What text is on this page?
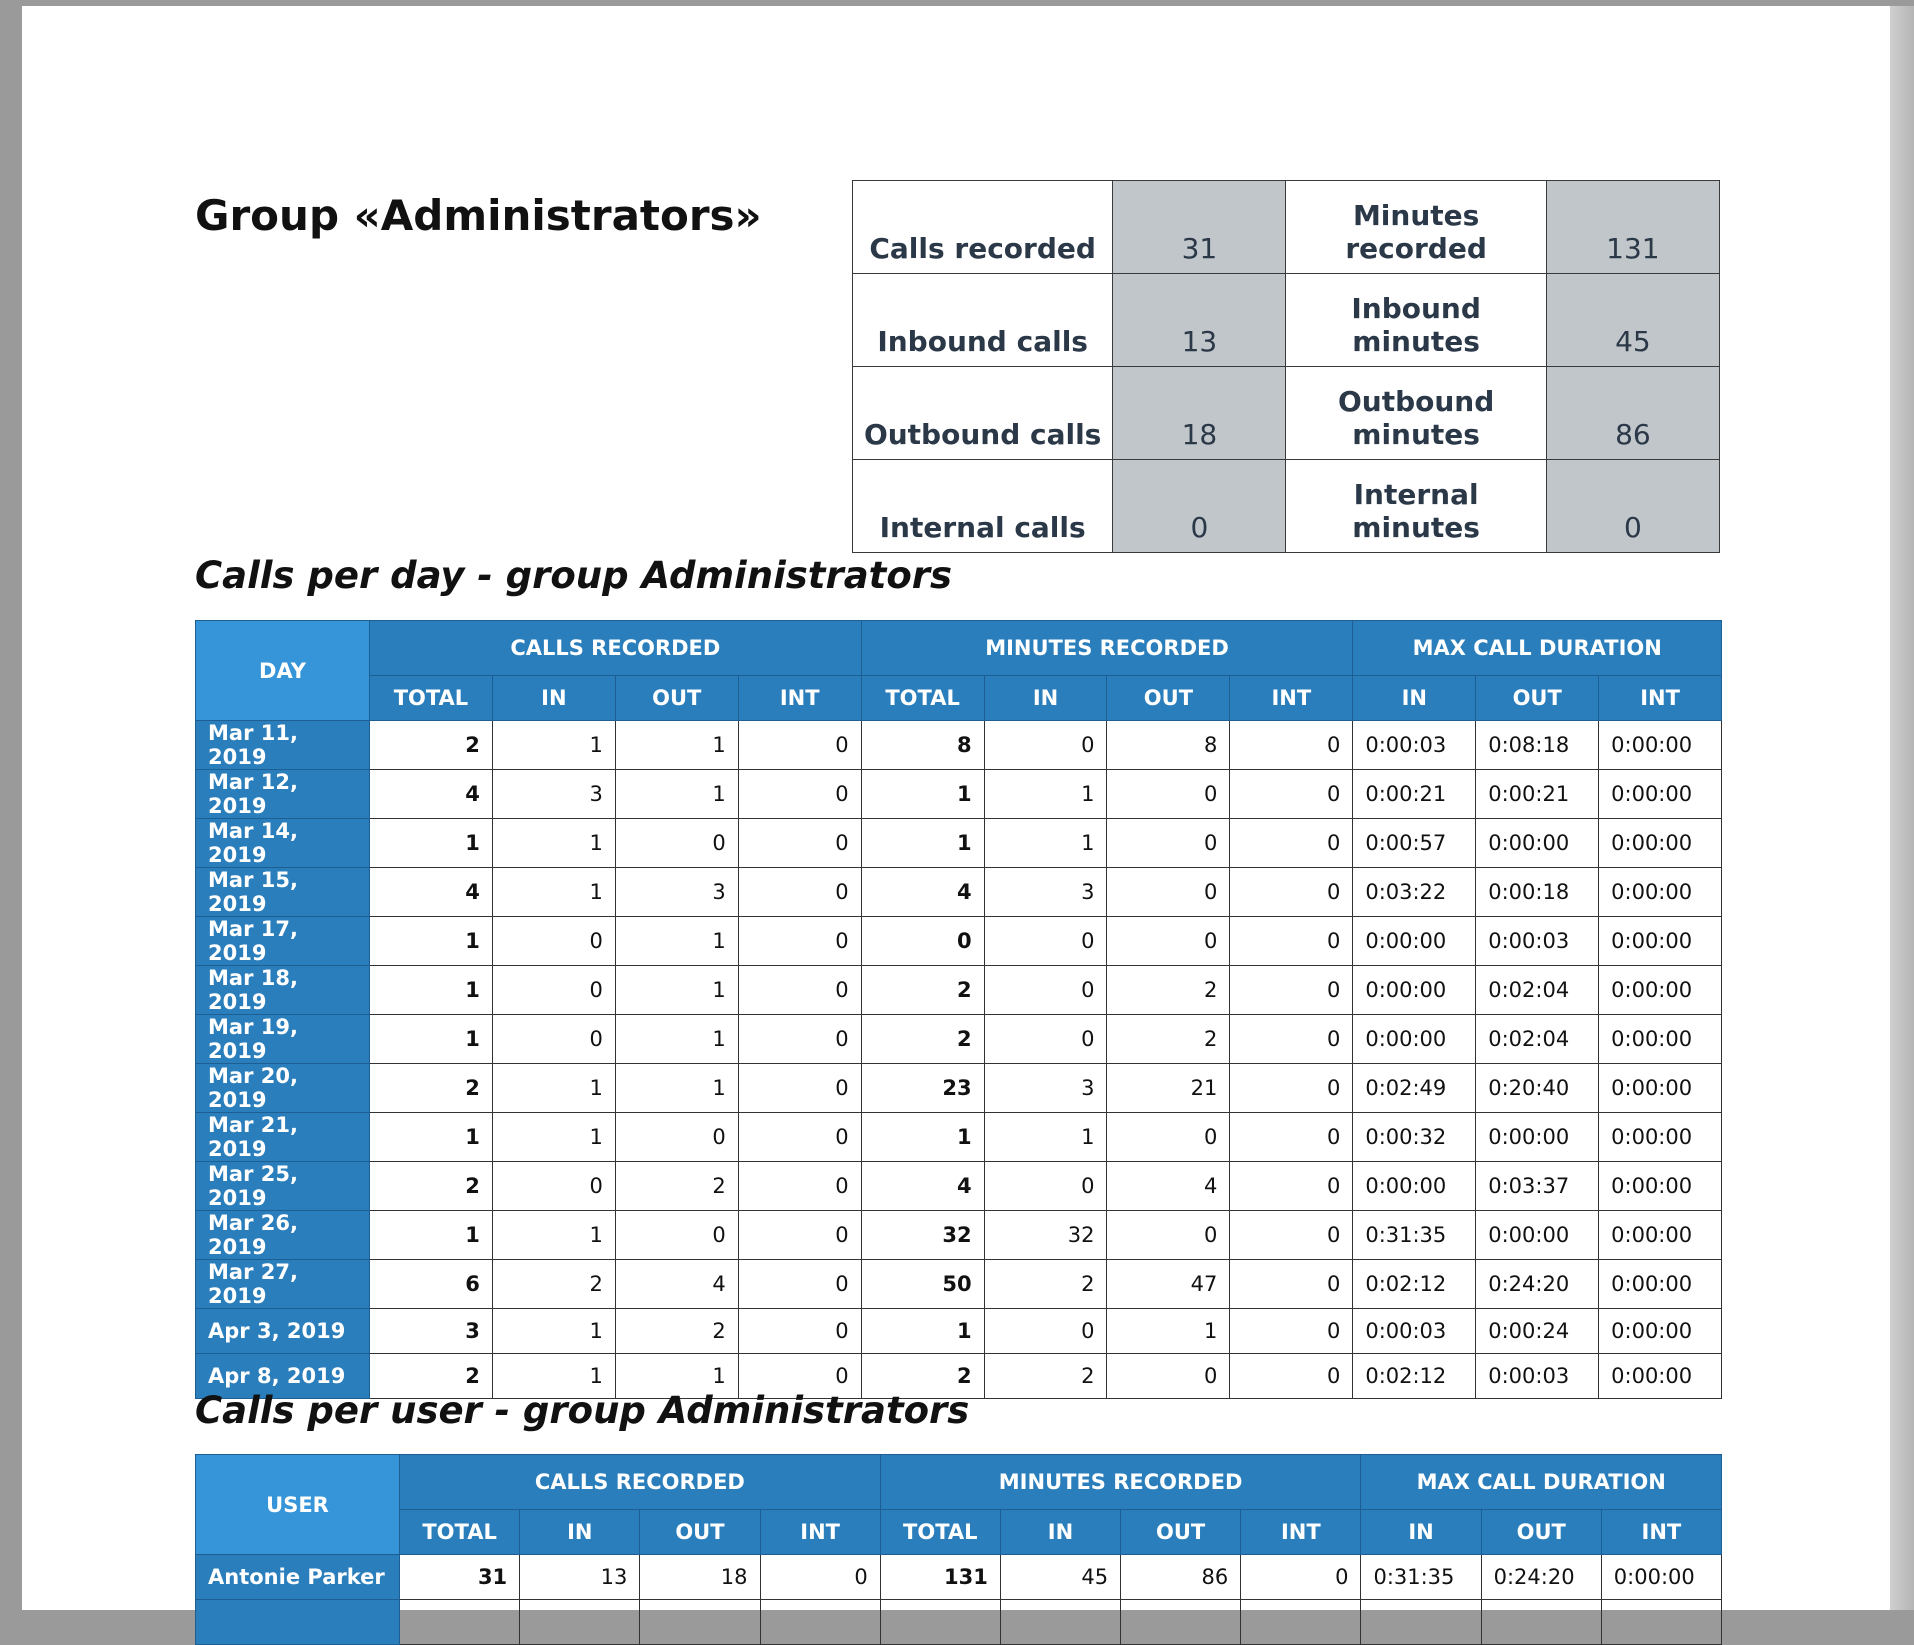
Group «Administrators»
Calls recorded	31	Minutes recorded	131
Inbound calls	13	Inbound minutes	45
Outbound calls	18	Outbound minutes	86
Internal calls	0	Internal minutes	0
Calls per day - group Administrators
DAY	CALLS RECORDED				MINUTES RECORDED				MAX CALL DURATION		
	TOTAL	IN	OUT	INT	TOTAL	IN	OUT	INT	IN	OUT	INT
Mar 11, 2019	2	1	1	0	8	0	8	0	0:00:03	0:08:18	0:00:00
Mar 12, 2019	4	3	1	0	1	1	0	0	0:00:21	0:00:21	0:00:00
Mar 14, 2019	1	1	0	0	1	1	0	0	0:00:57	0:00:00	0:00:00
Mar 15, 2019	4	1	3	0	4	3	0	0	0:03:22	0:00:18	0:00:00
Mar 17, 2019	1	0	1	0	0	0	0	0	0:00:00	0:00:03	0:00:00
Mar 18, 2019	1	0	1	0	2	0	2	0	0:00:00	0:02:04	0:00:00
Mar 19, 2019	1	0	1	0	2	0	2	0	0:00:00	0:02:04	0:00:00
Mar 20, 2019	2	1	1	0	23	3	21	0	0:02:49	0:20:40	0:00:00
Mar 21, 2019	1	1	0	0	1	1	0	0	0:00:32	0:00:00	0:00:00
Mar 25, 2019	2	0	2	0	4	0	4	0	0:00:00	0:03:37	0:00:00
Mar 26, 2019	1	1	0	0	32	32	0	0	0:31:35	0:00:00	0:00:00
Mar 27, 2019	6	2	4	0	50	2	47	0	0:02:12	0:24:20	0:00:00
Apr 3, 2019	3	1	2	0	1	0	1	0	0:00:03	0:00:24	0:00:00
Apr 8, 2019	2	1	1	0	2	2	0	0	0:02:12	0:00:03	0:00:00
Calls per user - group Administrators
USER	CALLS RECORDED				MINUTES RECORDED				MAX CALL DURATION		
	TOTAL	IN	OUT	INT	TOTAL	IN	OUT	INT	IN	OUT	INT
Antonie Parker	31	13	18	0	131	45	86	0	0:31:35	0:24:20	0:00:00
